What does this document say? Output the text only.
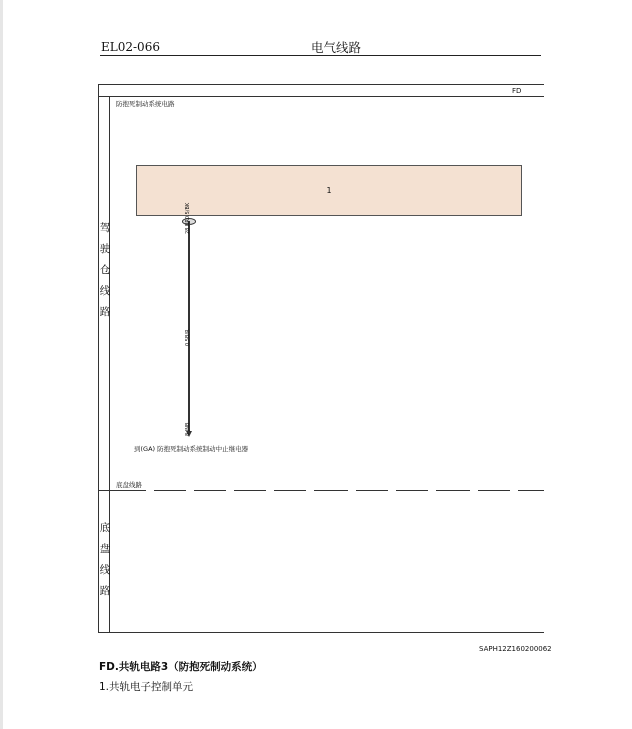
EL02-066	电气线路
FD
防抱死制动系统电路
驾驶仓线路
底盘线路
1
28 BR0.5/BK
0.5B/R
8 JNB
到(GA) 防抱死制动系统制动中止继电器
底盘线路
SAPH12Z160200062
FD.共轨电路3（防抱死制动系统）
1.共轨电子控制单元
